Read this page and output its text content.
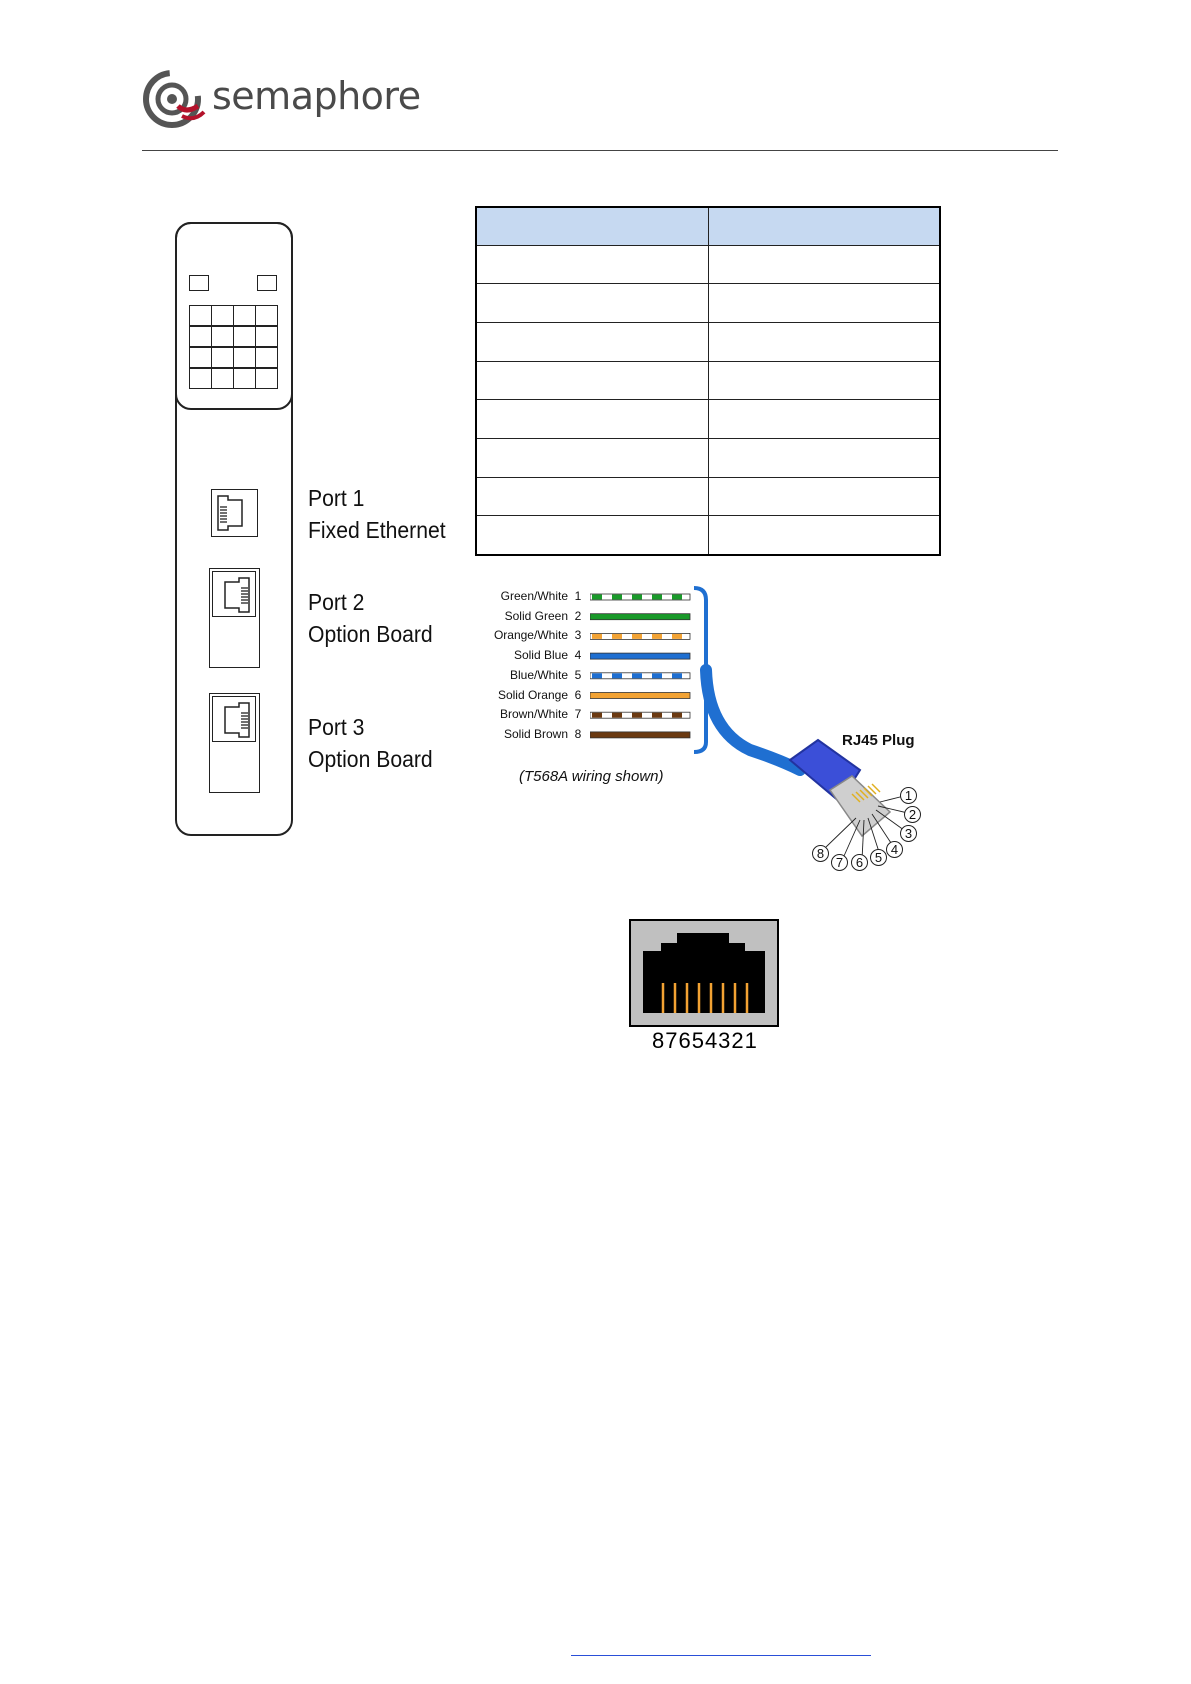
semaphore
Port 1
Fixed Ethernet
Port 2
Option Board
Port 3
Option Board

Green/White 1
Solid Green 2
Orange/White 3
Solid Blue 4
Blue/White 5
Solid Orange 6
Brown/White 7
Solid Brown 8
1
2
3
4
5
6
7
8
RJ45 Plug
(T568A wiring shown)
87654321
